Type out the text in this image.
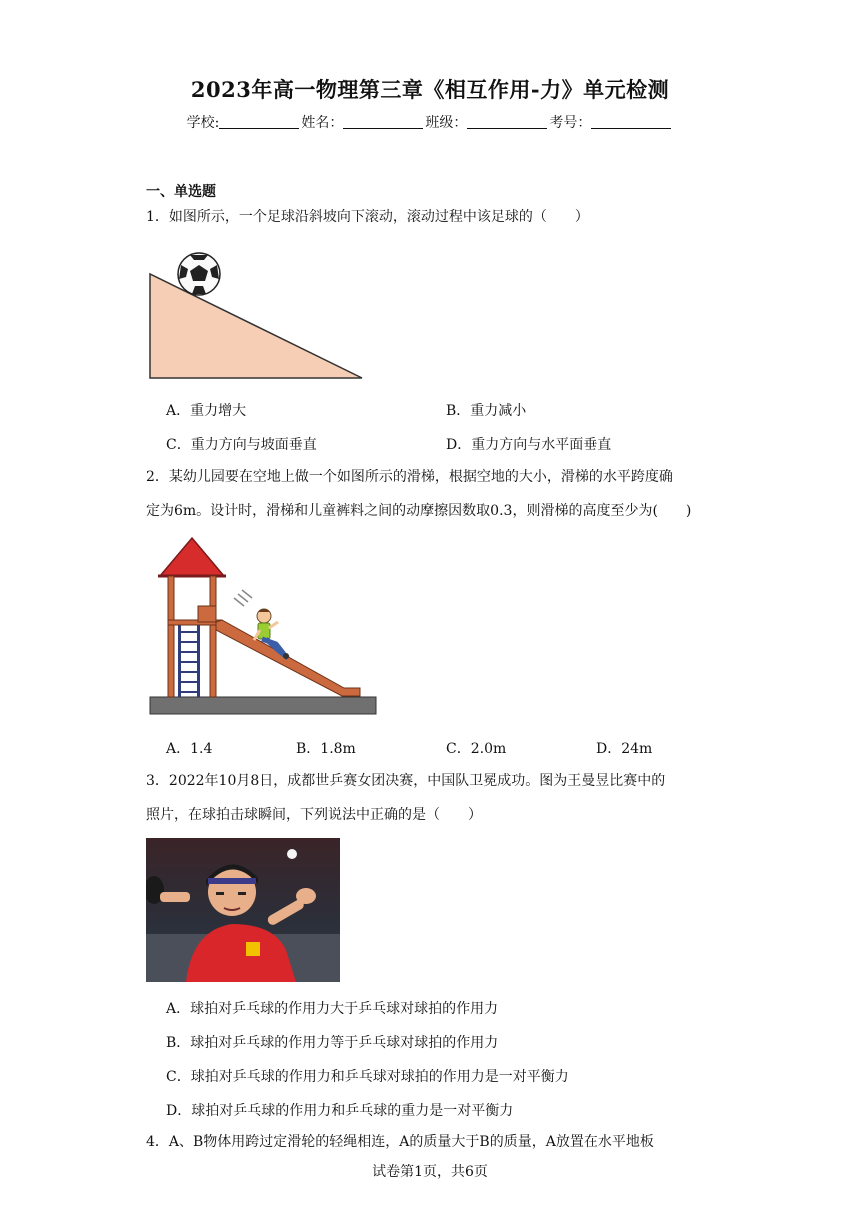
2023年高一物理第三章《相互作用-力》单元检测
学校:	姓名：	班级：	考号：
一、单选题
1．如图所示，一个足球沿斜坡向下滚动，滚动过程中该足球的（　　）
A．重力增大	B．重力减小
C．重力方向与坡面垂直	D．重力方向与水平面垂直
2．某幼儿园要在空地上做一个如图所示的滑梯，根据空地的大小，滑梯的水平跨度确
定为6m。设计时，滑梯和儿童裤料之间的动摩擦因数取0.3，则滑梯的高度至少为(　　)
A．1.4	B．1.8m	C．2.0m	D．24m
3．2022年10月8日，成都世乒赛女团决赛，中国队卫冕成功。图为王曼昱比赛中的
照片，在球拍击球瞬间，下列说法中正确的是（　　）
A．球拍对乒乓球的作用力大于乒乓球对球拍的作用力
B．球拍对乒乓球的作用力等于乒乓球对球拍的作用力
C．球拍对乒乓球的作用力和乒乓球对球拍的作用力是一对平衡力
D．球拍对乒乓球的作用力和乒乓球的重力是一对平衡力
4．A、B物体用跨过定滑轮的轻绳相连，A的质量大于B的质量，A放置在水平地板
试卷第1页，共6页
